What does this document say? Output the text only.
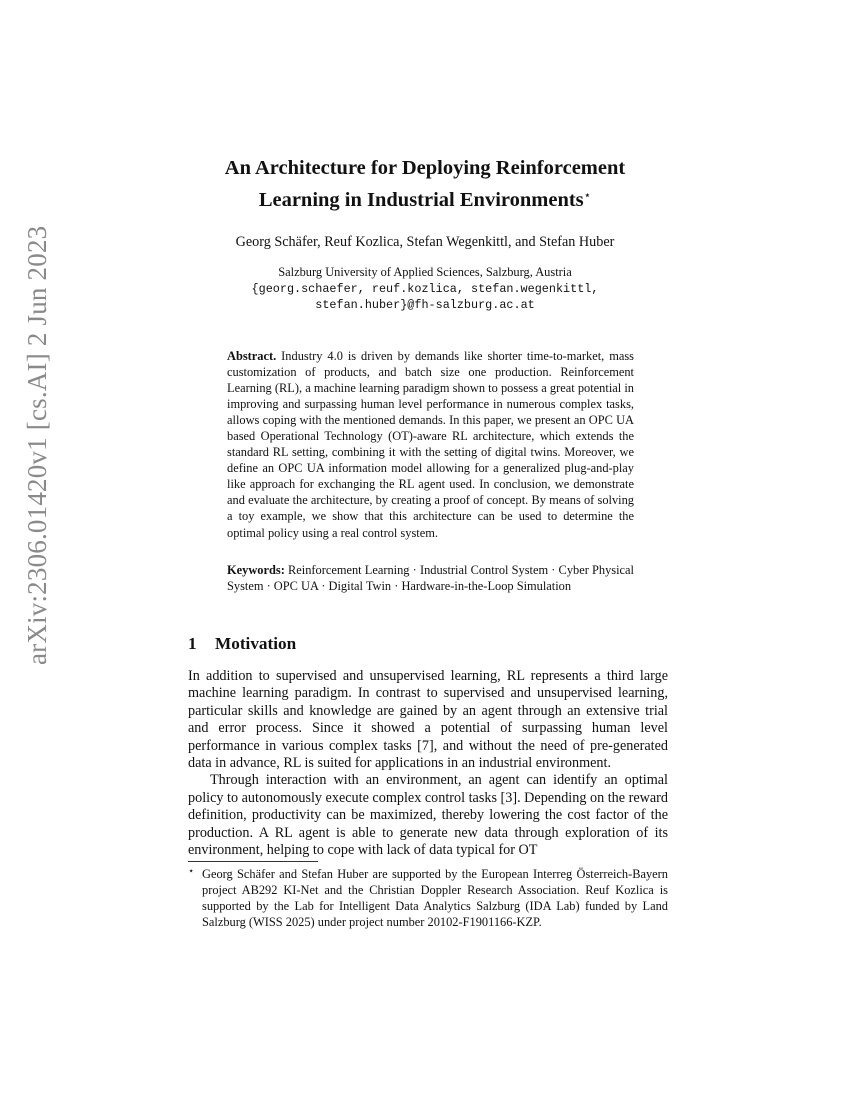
arXiv:2306.01420v1 [cs.AI] 2 Jun 2023
An Architecture for Deploying Reinforcement
Learning in Industrial Environments⋆
Georg Schäfer, Reuf Kozlica, Stefan Wegenkittl, and Stefan Huber
Salzburg University of Applied Sciences, Salzburg, Austria
{georg.schaefer, reuf.kozlica, stefan.wegenkittl,
stefan.huber}@fh-salzburg.ac.at
Abstract. Industry 4.0 is driven by demands like shorter time-to-market, mass customization of products, and batch size one production. Reinforcement Learning (RL), a machine learning paradigm shown to possess a great potential in improving and surpassing human level performance in numerous complex tasks, allows coping with the mentioned demands. In this paper, we present an OPC UA based Operational Technology (OT)-aware RL architecture, which extends the standard RL setting, combining it with the setting of digital twins. Moreover, we define an OPC UA information model allowing for a generalized plug-and-play like approach for exchanging the RL agent used. In conclusion, we demonstrate and evaluate the architecture, by creating a proof of concept. By means of solving a toy example, we show that this architecture can be used to determine the optimal policy using a real control system.
Keywords: Reinforcement Learning · Industrial Control System · Cyber Physical System · OPC UA · Digital Twin · Hardware-in-the-Loop Simulation
1 Motivation

In addition to supervised and unsupervised learning, RL represents a third large machine learning paradigm. In contrast to supervised and unsupervised learning, particular skills and knowledge are gained by an agent through an extensive trial and error process. Since it showed a potential of surpassing human level performance in various complex tasks [7], and without the need of pre-generated data in advance, RL is suited for applications in an industrial environment.

Through interaction with an environment, an agent can identify an optimal policy to autonomously execute complex control tasks [3]. Depending on the reward definition, productivity can be maximized, thereby lowering the cost factor of the production. A RL agent is able to generate new data through exploration of its environment, helping to cope with lack of data typical for OT

⋆ Georg Schäfer and Stefan Huber are supported by the European Interreg Österreich-Bayern project AB292 KI-Net and the Christian Doppler Research Association. Reuf Kozlica is supported by the Lab for Intelligent Data Analytics Salzburg (IDA Lab) funded by Land Salzburg (WISS 2025) under project number 20102-F1901166-KZP.
